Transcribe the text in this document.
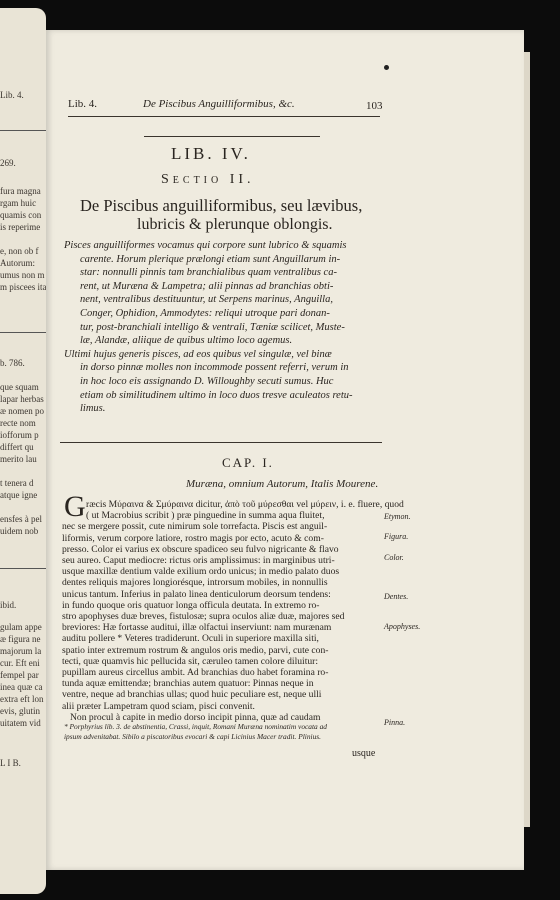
Lib. 4.
269.
fura magna
rgam huic
quamis con
is reperime
e, non ob f
Autorum:
umus non m
m piscees ita
b. 786.
que squam
lapar herbas
æ nomen po
recte nom
iofforum p
differt qu
merito lau
t tenera d
atque igne
ensfes à pel
uidem nob
ibid.
gulam appe
æ figura ne
majorum la
cur. Eft eni
fempel par
inea quæ ca
extra eft lon
evis, glutin
uitatem vid
L I B.
Lib. 4.	De Piscibus Anguilliformibus, &c.	103
LIB. IV.
Sectio II.
De Piscibus anguilliformibus, seu lævibus,
lubricis & plerunque oblongis.
Pisces anguilliformes vocamus qui corpore sunt lubrico & squamis
carente. Horum plerique prælongi etiam sunt Anguillarum in-
star: nonnulli pinnis tam branchialibus quam ventralibus ca-
rent, ut Muræna & Lampetra; alii pinnas ad branchias obti-
nent, ventralibus destituuntur, ut Serpens marinus, Anguilla,
Conger, Ophidion, Ammodytes: reliqui utroque pari donan-
tur, post-branchiali intelligo & ventrali, Tæniæ scilicet, Muste-
læ, Alandæ, aliique de quibus ultimo loco agemus.
Ultimi hujus generis pisces, ad eos quibus vel singulæ, vel binæ
in dorso pinnæ molles non incommode possent referri, verum in
in hoc loco eis assignando D. Willoughby secuti sumus. Huc
etiam ob similitudinem ultimo in loco duos tresve aculeatos retu-
limus.
CAP. I.
Muræna, omnium Autorum, Italis Mourene.
G ræcis Μύραινα & Σμύραινα dicitur, ἀπὸ τοῦ μύρεσθαι vel μύρειν, i. e. fluere, quod
( ut Macrobius scribit ) præ pinguedine in summa aqua fluitet,
nec se mergere possit, cute nimirum sole torrefacta. Piscis est anguil-
liformis, verum corpore latiore, rostro magis por ecto, acuto & com-
presso. Color ei varius ex obscure spadiceo seu fulvo nigricante & flavo
seu aureo. Caput mediocre: rictus oris amplissimus: in marginibus utri-
usque maxillæ dentium valde exilium ordo unicus; in medio palato duos
dentes reliquis majores longiorésque, introrsum mobiles, in nonnullis
unicus tantum. Inferius in palato linea denticulorum deorsum tendens:
in fundo quoque oris quatuor longa officula deutata. In extremo ro-
stro apophyses duæ breves, fistulosæ; supra oculos aliæ duæ, majores sed
breviores: Hæ fortasse auditui, illæ olfactui inserviunt: nam murænam
auditu pollere * Veteres tradiderunt. Oculi in superiore maxilla siti,
spatio inter extremum rostrum & angulos oris medio, parvi, cute con-
tecti, quæ quamvis hic pellucida sit, cæruleo tamen colore diluitur:
pupillam aureus circellus ambit. Ad branchias duo habet foramina ro-
tunda aquæ emittendæ; branchias autem quatuor: Pinnas neque in
ventre, neque ad branchias ullas; quod huic peculiare est, neque ulli
alii præter Lampetram quod sciam, pisci convenit.
Non procul à capite in medio dorso incipit pinna, quæ ad caudam
Etymon.
Figura.
Color.
Dentes.
Apophyses.
Pinna.
* Porphyrius lib. 3. de abstinentia, Crassi, inquit, Romani Muræna nominatim vocata ad
ipsum advenitabat. Sibilo a piscatoribus evocari & capi Licinius Macer tradit. Plinius.
usque
